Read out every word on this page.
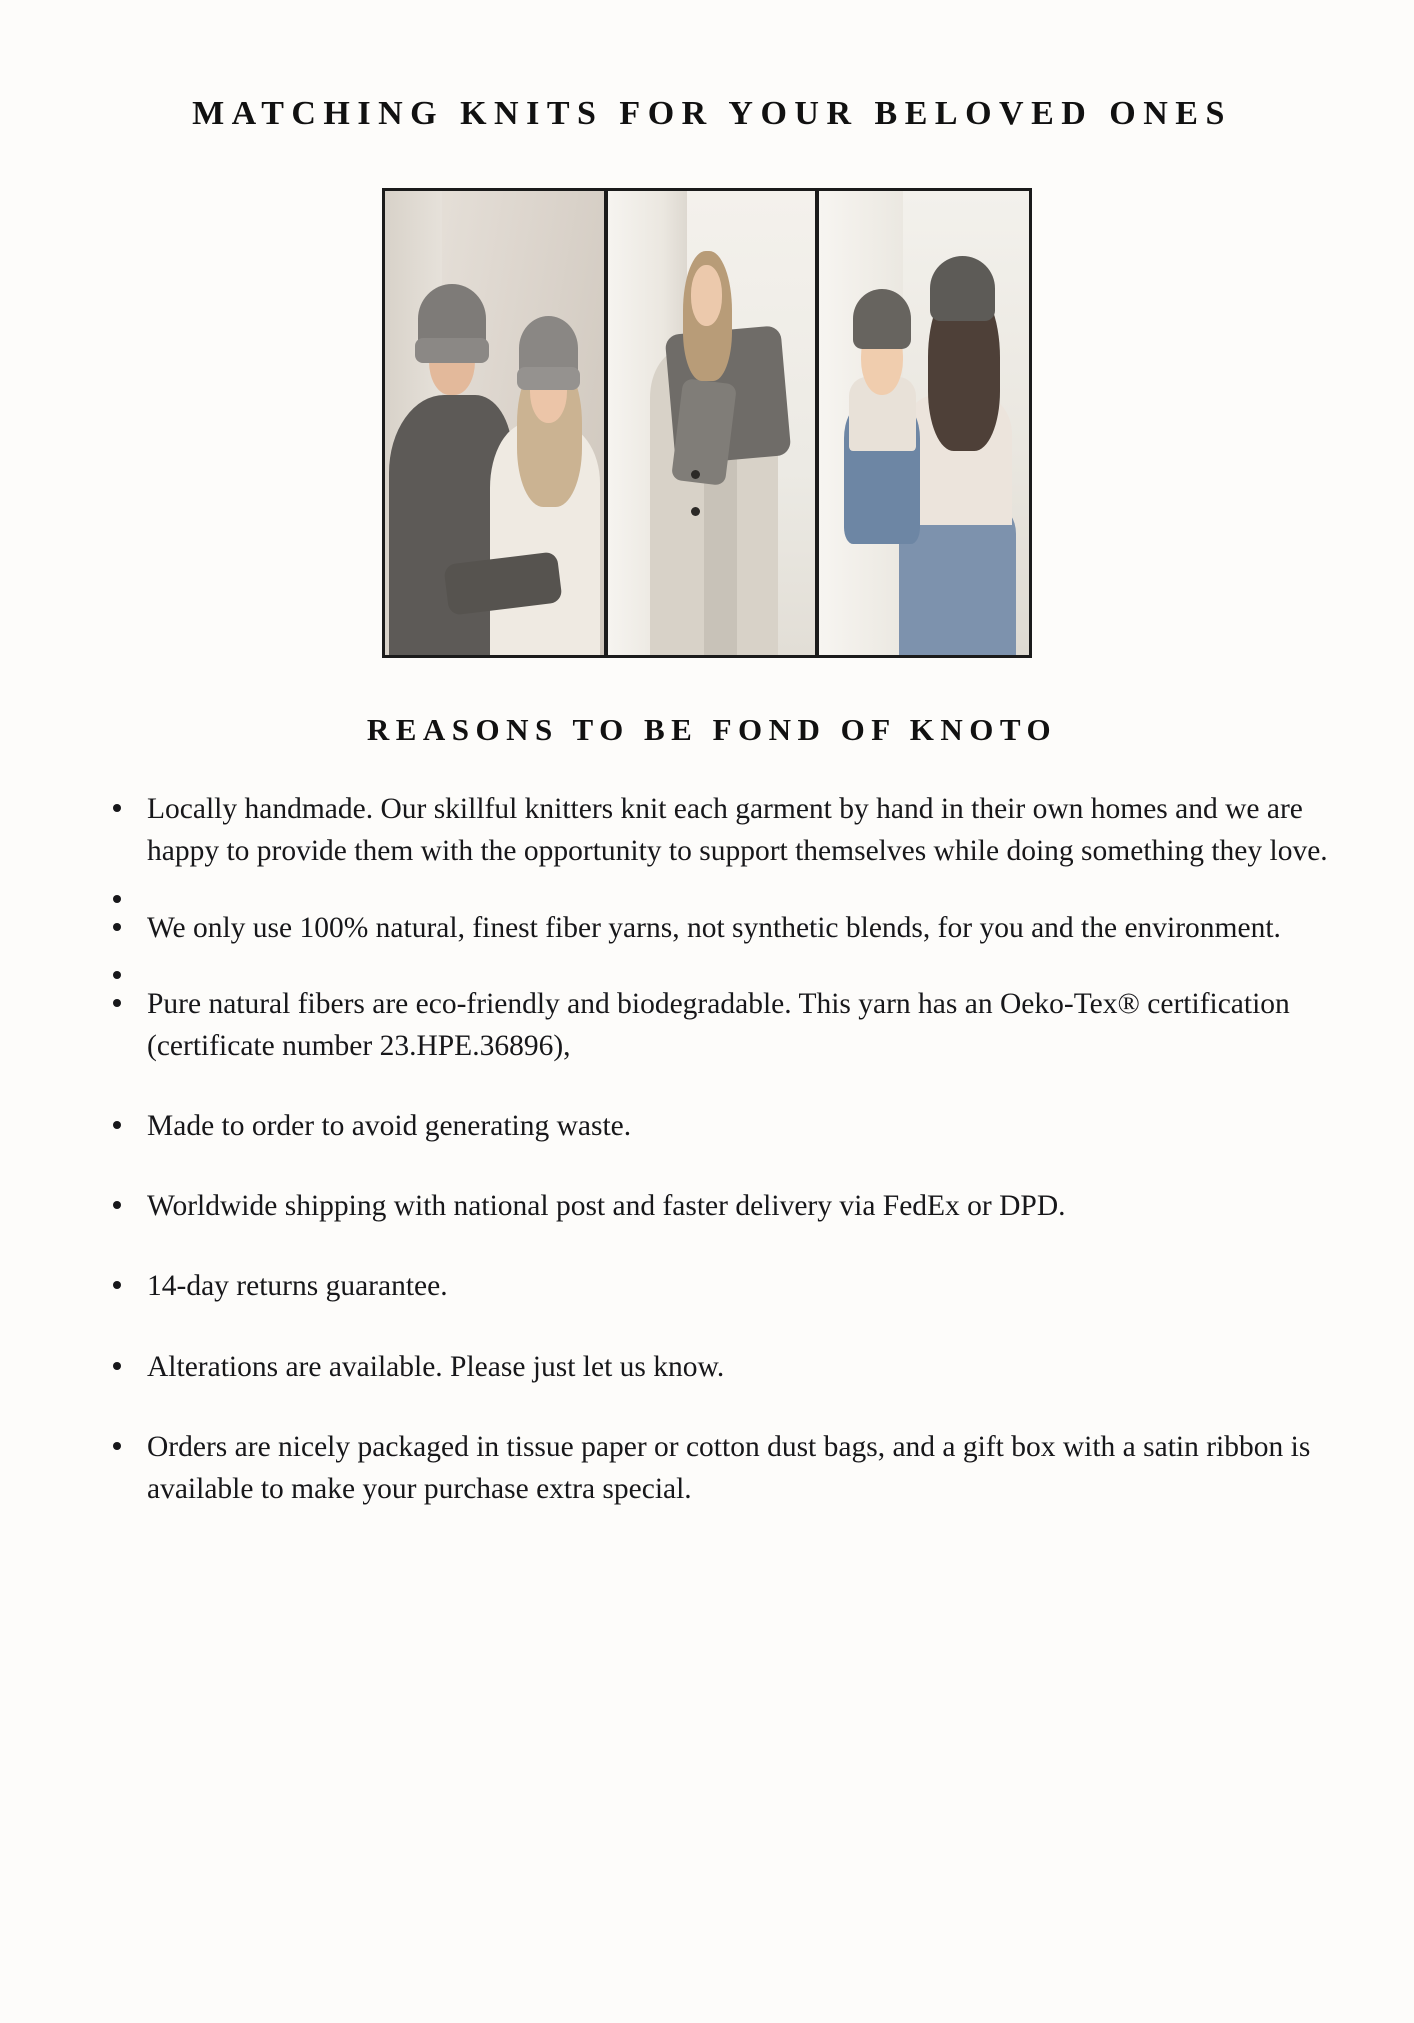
MATCHING KNITS FOR YOUR BELOVED ONES
REASONS TO BE FOND OF KNOTO
Locally handmade. Our skillful knitters knit each garment by hand in their own homes and we are happy to provide them with the opportunity to support themselves while doing something they love.
We only use 100% natural, finest fiber yarns, not synthetic blends, for you and the environment.
Pure natural fibers are eco-friendly and biodegradable. This yarn has an Oeko-Tex® certification (certificate number 23.HPE.36896),
Made to order to avoid generating waste.
Worldwide shipping with national post and faster delivery via FedEx or DPD.
14-day returns guarantee.
Alterations are available. Please just let us know.
Orders are nicely packaged in tissue paper or cotton dust bags, and a gift box with a satin ribbon is available to make your purchase extra special.
